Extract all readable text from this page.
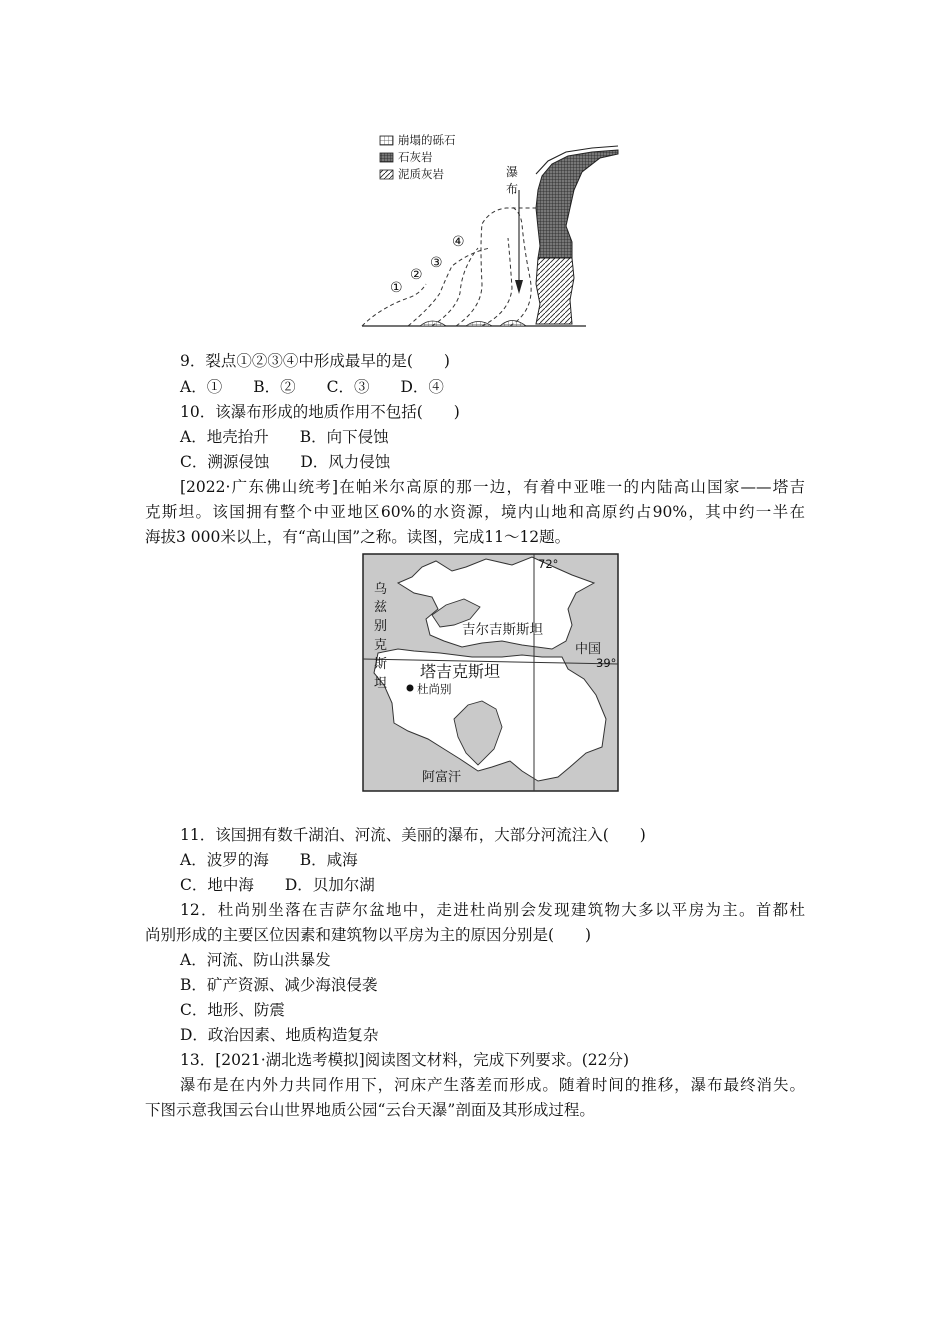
崩塌的砾石
石灰岩
泥质灰岩	瀑
布
①
②
③
④
9．裂点①②③④中形成最早的是(　　)
A．①　　B．②　　C．③　　D．④
10．该瀑布形成的地质作用不包括(　　)
A．地壳抬升　　B．向下侵蚀
C．溯源侵蚀　　D．风力侵蚀
[2022·广东佛山统考]在帕米尔高原的那一边，有着中亚唯一的内陆高山国家——塔吉
克斯坦。该国拥有整个中亚地区60%的水资源，境内山地和高原约占90%，其中约一半在
海拔3 000米以上，有“高山国”之称。读图，完成11～12题。
72°
39°
乌
兹
别
克
斯
坦
吉尔吉斯斯坦
中国
塔吉克斯坦
杜尚别
阿富汗
11．该国拥有数千湖泊、河流、美丽的瀑布，大部分河流注入(　　)
A．波罗的海　　B．咸海
C．地中海　　D．贝加尔湖
12．杜尚别坐落在吉萨尔盆地中，走进杜尚别会发现建筑物大多以平房为主。首都杜
尚别形成的主要区位因素和建筑物以平房为主的原因分别是(　　)
A．河流、防山洪暴发
B．矿产资源、减少海浪侵袭
C．地形、防震
D．政治因素、地质构造复杂
13．[2021·湖北选考模拟]阅读图文材料，完成下列要求。(22分)
瀑布是在内外力共同作用下，河床产生落差而形成。随着时间的推移，瀑布最终消失。
下图示意我国云台山世界地质公园“云台天瀑”剖面及其形成过程。
